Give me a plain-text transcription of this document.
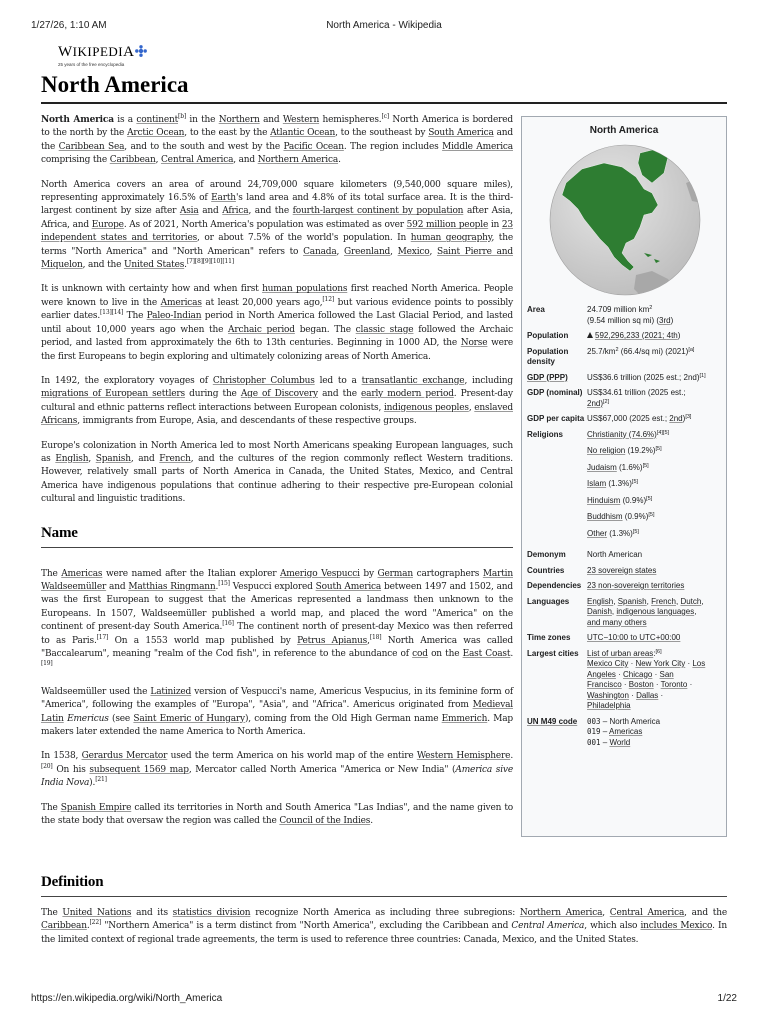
1/27/26, 1:10 AM	North America - Wikipedia
WIKIPEDIA
25 years of the free encyclopedia
North America

North America is a continent[b] in the Northern and Western hemispheres.[c] North America is bordered to the north by the Arctic Ocean, to the east by the Atlantic Ocean, to the southeast by South America and the Caribbean Sea, and to the south and west by the Pacific Ocean. The region includes Middle America comprising the Caribbean, Central America, and Northern America.

North America covers an area of around 24,709,000 square kilometers (9,540,000 square miles), representing approximately 16.5% of Earth's land area and 4.8% of its total surface area. It is the third-largest continent by size after Asia and Africa, and the fourth-largest continent by population after Asia, Africa, and Europe. As of 2021, North America's population was estimated as over 592 million people in 23 independent states and territories, or about 7.5% of the world's population. In human geography, the terms "North America" and "North American" refers to Canada, Greenland, Mexico, Saint Pierre and Miquelon, and the United States.[7][8][9][10][11]

It is unknown with certainty how and when first human populations first reached North America. People were known to live in the Americas at least 20,000 years ago,[12] but various evidence points to possibly earlier dates.[13][14] The Paleo-Indian period in North America followed the Last Glacial Period, and lasted until about 10,000 years ago when the Archaic period began. The classic stage followed the Archaic period, and lasted from approximately the 6th to 13th centuries. Beginning in 1000 AD, the Norse were the first Europeans to begin exploring and ultimately colonizing areas of North America.

In 1492, the exploratory voyages of Christopher Columbus led to a transatlantic exchange, including migrations of European settlers during the Age of Discovery and the early modern period. Present-day cultural and ethnic patterns reflect interactions between European colonists, indigenous peoples, enslaved Africans, immigrants from Europe, Asia, and descendants of these respective groups.

Europe's colonization in North America led to most North Americans speaking European languages, such as English, Spanish, and French, and the cultures of the region commonly reflect Western traditions. However, relatively small parts of North America in Canada, the United States, Mexico, and Central America have indigenous populations that continue adhering to their respective pre-European colonial cultural and linguistic traditions.

Name

The Americas were named after the Italian explorer Amerigo Vespucci by German cartographers Martin Waldseemüller and Matthias Ringmann.[15] Vespucci explored South America between 1497 and 1502, and was the first European to suggest that the Americas represented a landmass then unknown to the Europeans. In 1507, Waldseemüller published a world map, and placed the word "America" on the continent of present-day South America.[16] The continent north of present-day Mexico was then referred to as Paris.[17] On a 1553 world map published by Petrus Apianus,[18] North America was called "Baccalearum", meaning "realm of the Cod fish", in reference to the abundance of cod on the East Coast.[19]

Waldseemüller used the Latinized version of Vespucci's name, Americus Vespucius, in its feminine form of "America", following the examples of "Europa", "Asia", and "Africa". Americus originated from Medieval Latin Emericus (see Saint Emeric of Hungary), coming from the Old High German name Emmerich. Map makers later extended the name America to North America.

In 1538, Gerardus Mercator used the term America on his world map of the entire Western Hemisphere.[20] On his subsequent 1569 map, Mercator called North America "America or New India" (America sive India Nova).[21]

The Spanish Empire called its territories in North and South America "Las Indias", and the name given to the state body that oversaw the region was called the Council of the Indies.

Definition

The United Nations and its statistics division recognize North America as including three subregions: Northern America, Central America, and the Caribbean.[22] "Northern America" is a term distinct from "North America", excluding the Caribbean and Central America, which also includes Mexico. In the limited context of regional trade agreements, the term is used to reference three countries: Canada, Mexico, and the United States.

North America
Area	24.709 million $km^2$
(9.54 million sq mi) (3rd)
Population	592,296,233 (2021; 4th)
Population density
$25.7/km^2$ (66.4/sq mi) (2021)[a]
GDP (PPP)	US$36.6 trillion (2025 est.; 2nd)[1]
GDP (nominal) US$34.61 trillion (2025 est.;
2nd)[2]
GDP per capita US$67,000 (2025 est.; 2nd)[3]
Religions	Christianity (74.6%)[4][5]
No religion (19.2%)[5]
Judaism (1.6%)[5]
Islam (1.3%)[5]
Hinduism (0.9%)[5]
Buddhism (0.9%)[5]
Other (1.3%)[5]
Demonym	North American
Countries	23 sovereign states
Dependencies 23 non-sovereign territories
Languages	English, Spanish, French, Dutch,
Danish, indigenous languages,
and many others
Time zones	UTC−10:00 to UTC+00:00
Largest cities	List of urban areas:[6]
Mexico City · New York City · Los
Angeles · Chicago · San
Francisco · Boston · Toronto ·
Washington · Dallas ·
Philadelphia
UN M49 code	003 – North America
019 – Americas
001 – World
https://en.wikipedia.org/wiki/North_America	1/22
